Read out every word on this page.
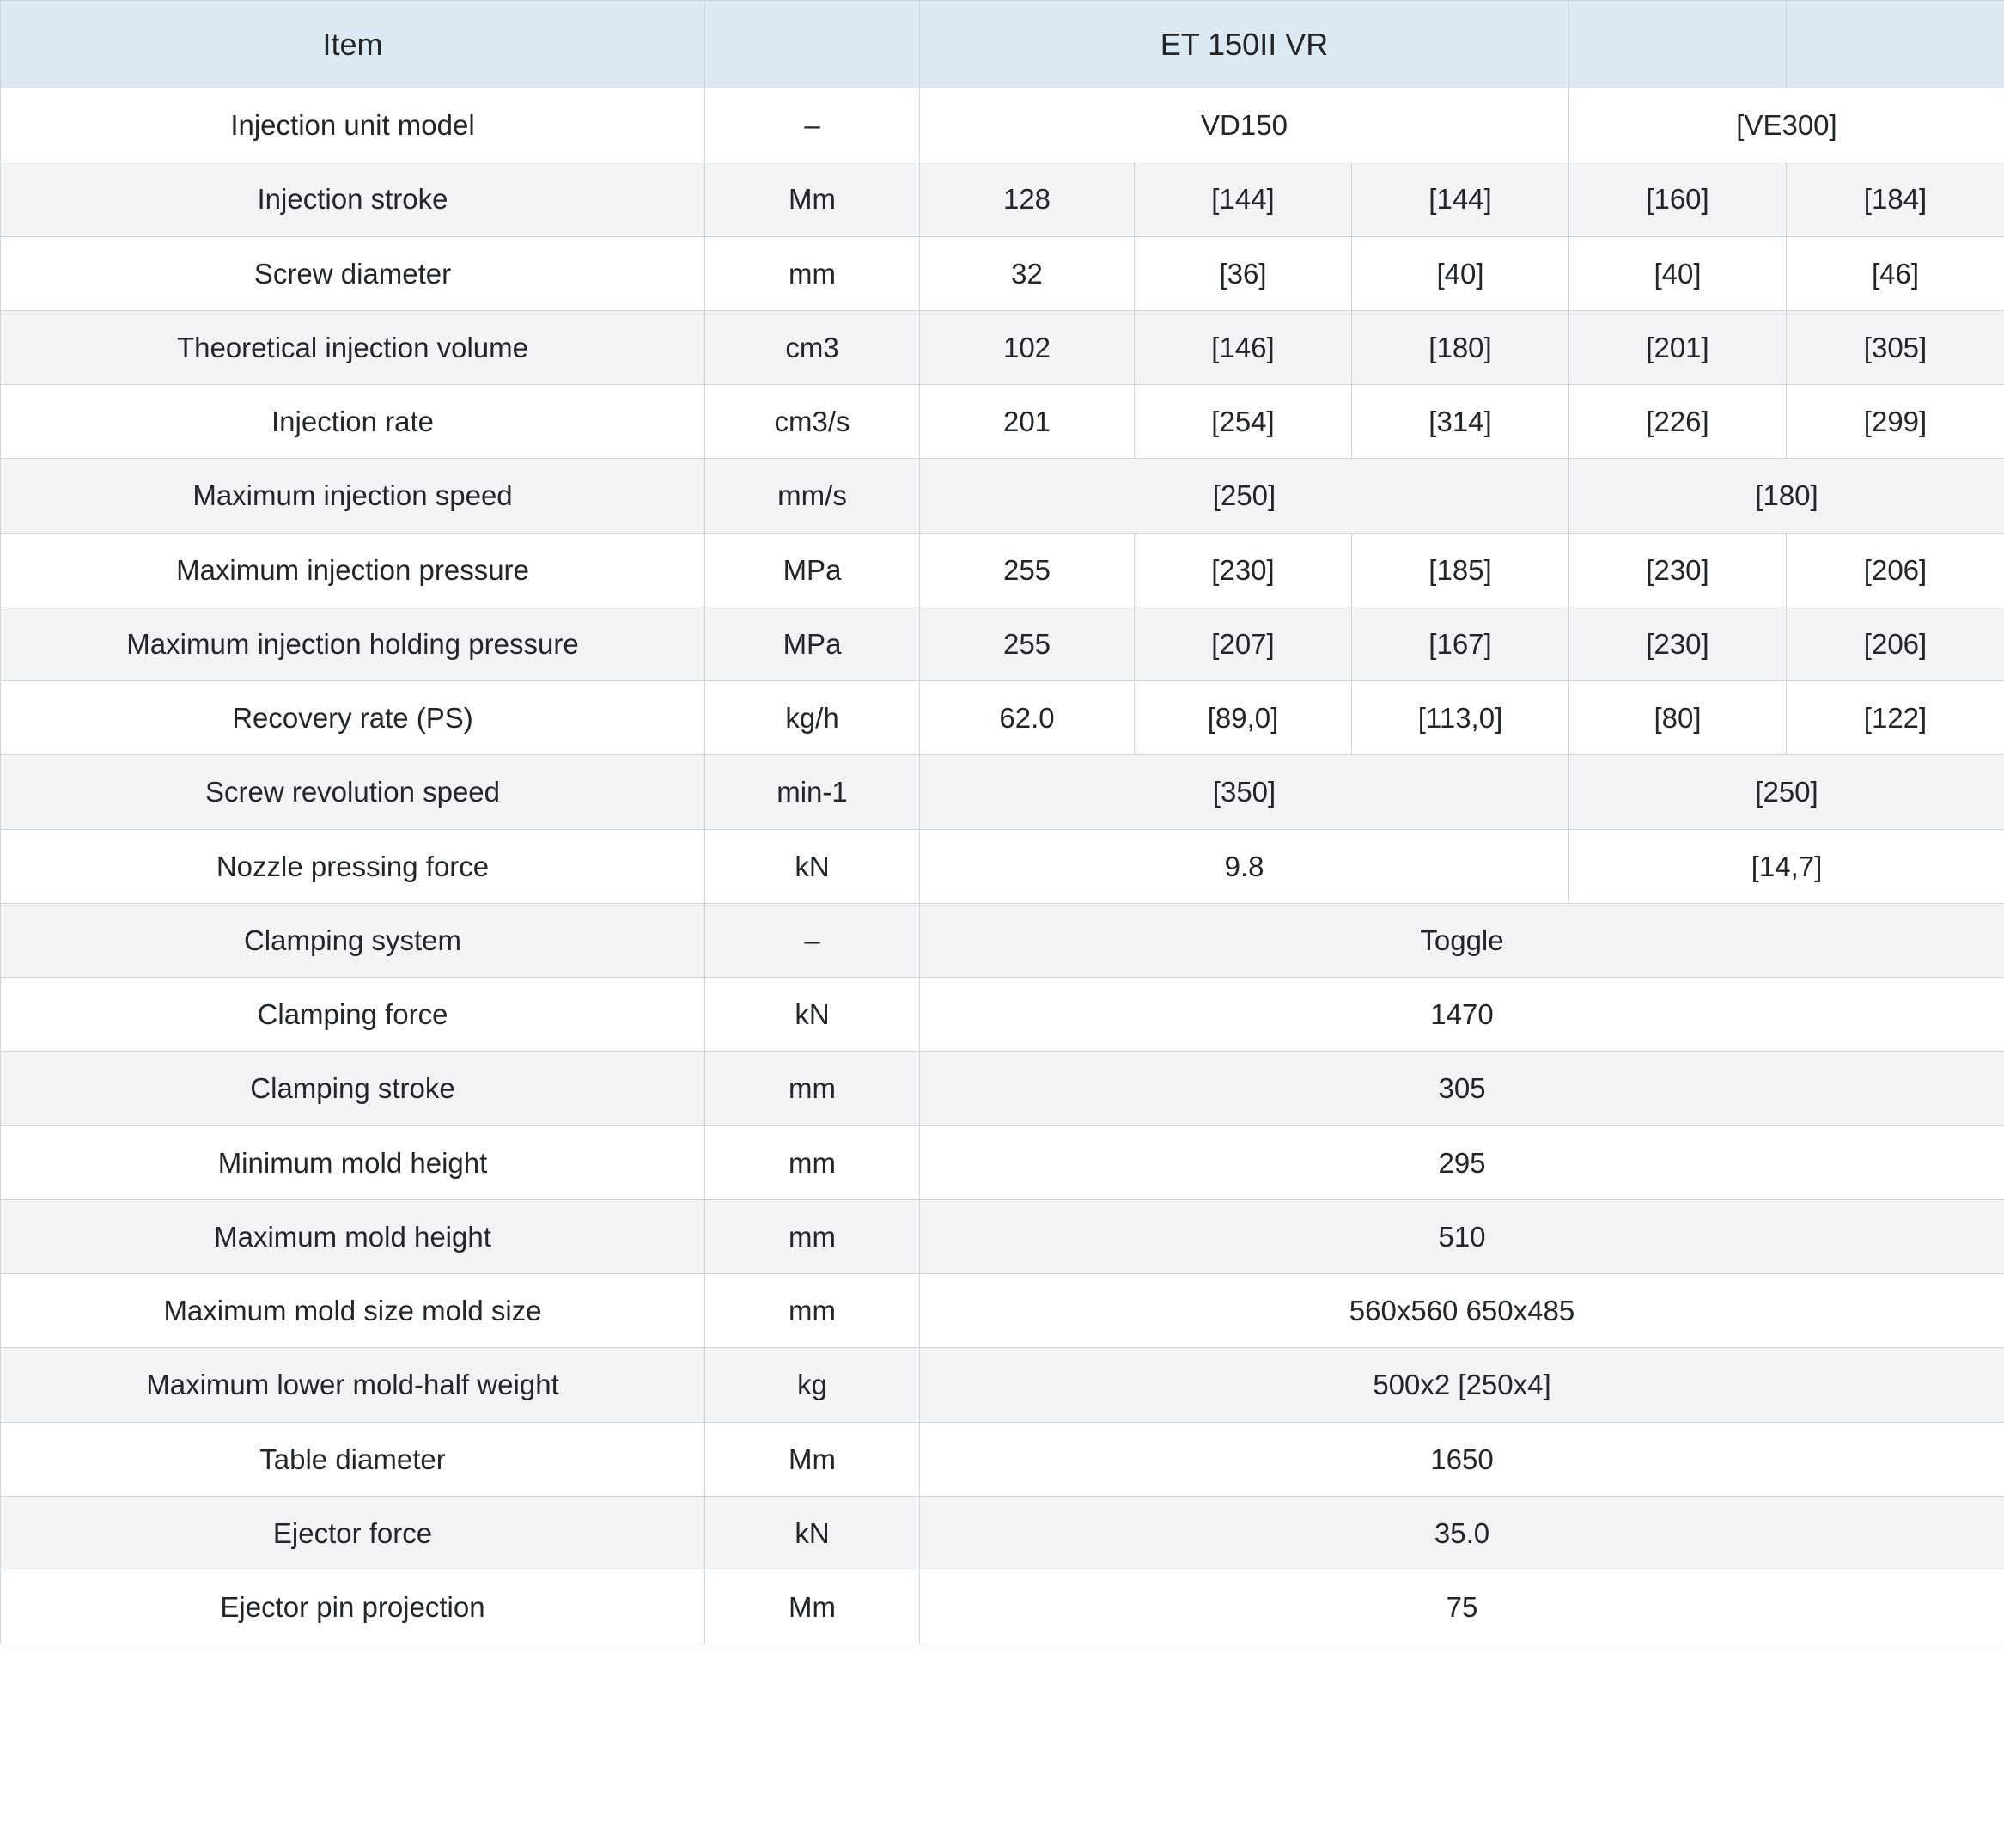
Item		ET 150II VR				
Injection unit model	–	VD150			[VE300]	
Injection stroke	Mm	128	[144]	[144]	[160]	[184]
Screw diameter	mm	32	[36]	[40]	[40]	[46]
Theoretical injection volume	cm3	102	[146]	[180]	[201]	[305]
Injection rate	cm3/s	201	[254]	[314]	[226]	[299]
Maximum injection speed	mm/s	[250]			[180]	
Maximum injection pressure	MPa	255	[230]	[185]	[230]	[206]
Maximum injection holding pressure	MPa	255	[207]	[167]	[230]	[206]
Recovery rate (PS)	kg/h	62.0	[89,0]	[113,0]	[80]	[122]
Screw revolution speed	min-1	[350]			[250]	
Nozzle pressing force	kN	9.8			[14,7]	
Clamping system	–	Toggle				
Clamping force	kN	1470				
Clamping stroke	mm	305				
Minimum mold height	mm	295				
Maximum mold height	mm	510				
Maximum mold size mold size	mm	560x560 650x485				
Maximum lower mold-half weight	kg	500x2 [250x4]				
Table diameter	Mm	1650				
Ejector force	kN	35.0				
Ejector pin projection	Mm	75				
